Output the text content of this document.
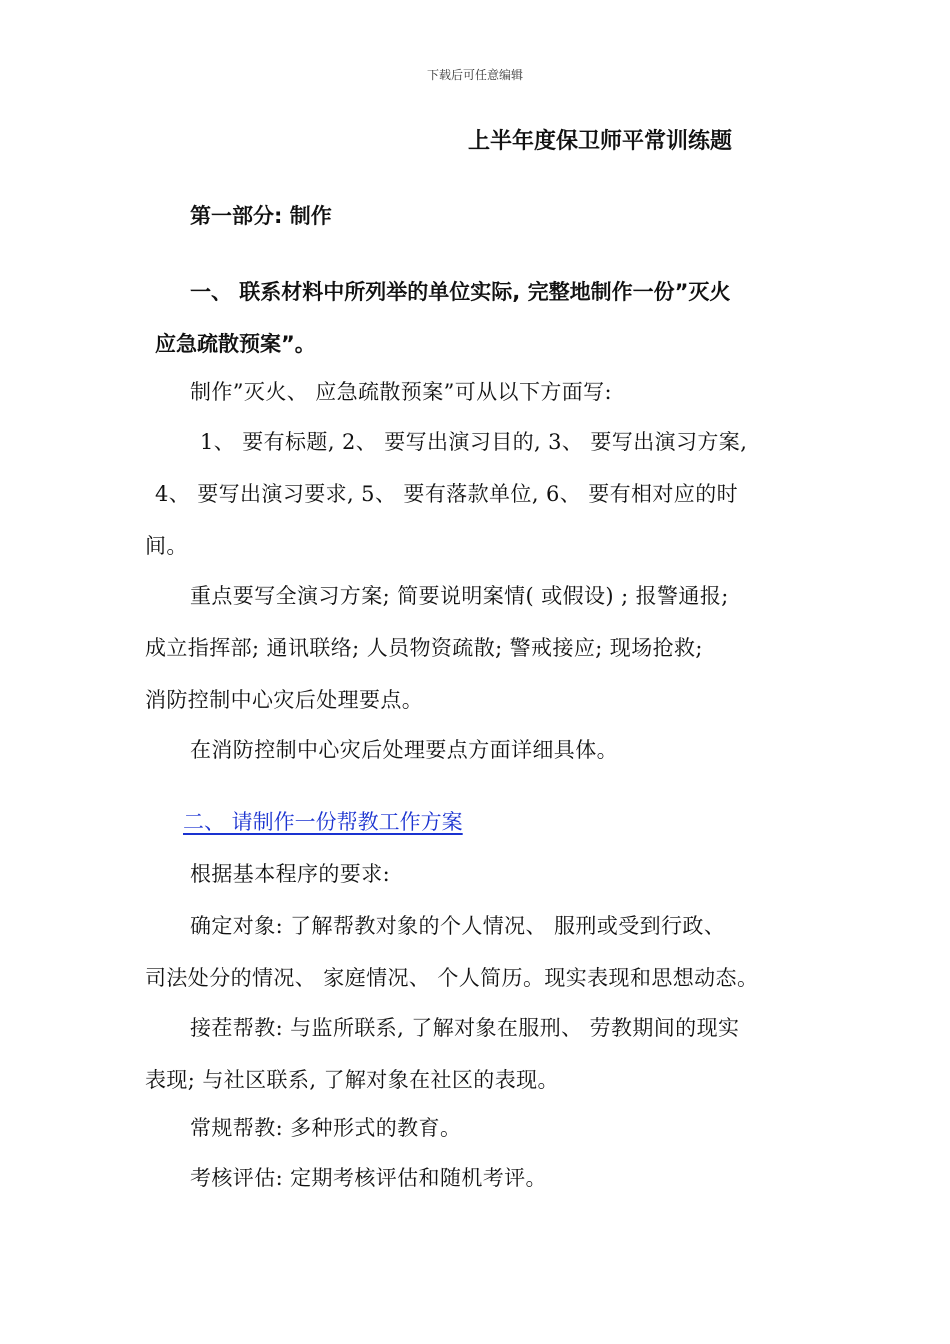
下载后可任意编辑

上半年度保卫师平常训练题

第一部分: 制作

一、 联系材料中所列举的单位实际, 完整地制作一份”灭火

应急疏散预案”。

制作”灭火、 应急疏散预案”可从以下方面写:

1、 要有标题, 2、 要写出演习目的, 3、 要写出演习方案,

4、 要写出演习要求, 5、 要有落款单位, 6、 要有相对应的时

间。

重点要写全演习方案; 简要说明案情( 或假设) ; 报警通报;

成立指挥部; 通讯联络; 人员物资疏散; 警戒接应; 现场抢救;

消防控制中心灾后处理要点。

在消防控制中心灾后处理要点方面详细具体。

二、 请制作一份帮教工作方案

根据基本程序的要求:

确定对象: 了解帮教对象的个人情况、 服刑或受到行政、

司法处分的情况、 家庭情况、 个人简历。现实表现和思想动态。

接茬帮教: 与监所联系, 了解对象在服刑、 劳教期间的现实

表现; 与社区联系, 了解对象在社区的表现。

常规帮教: 多种形式的教育。

考核评估: 定期考核评估和随机考评。
